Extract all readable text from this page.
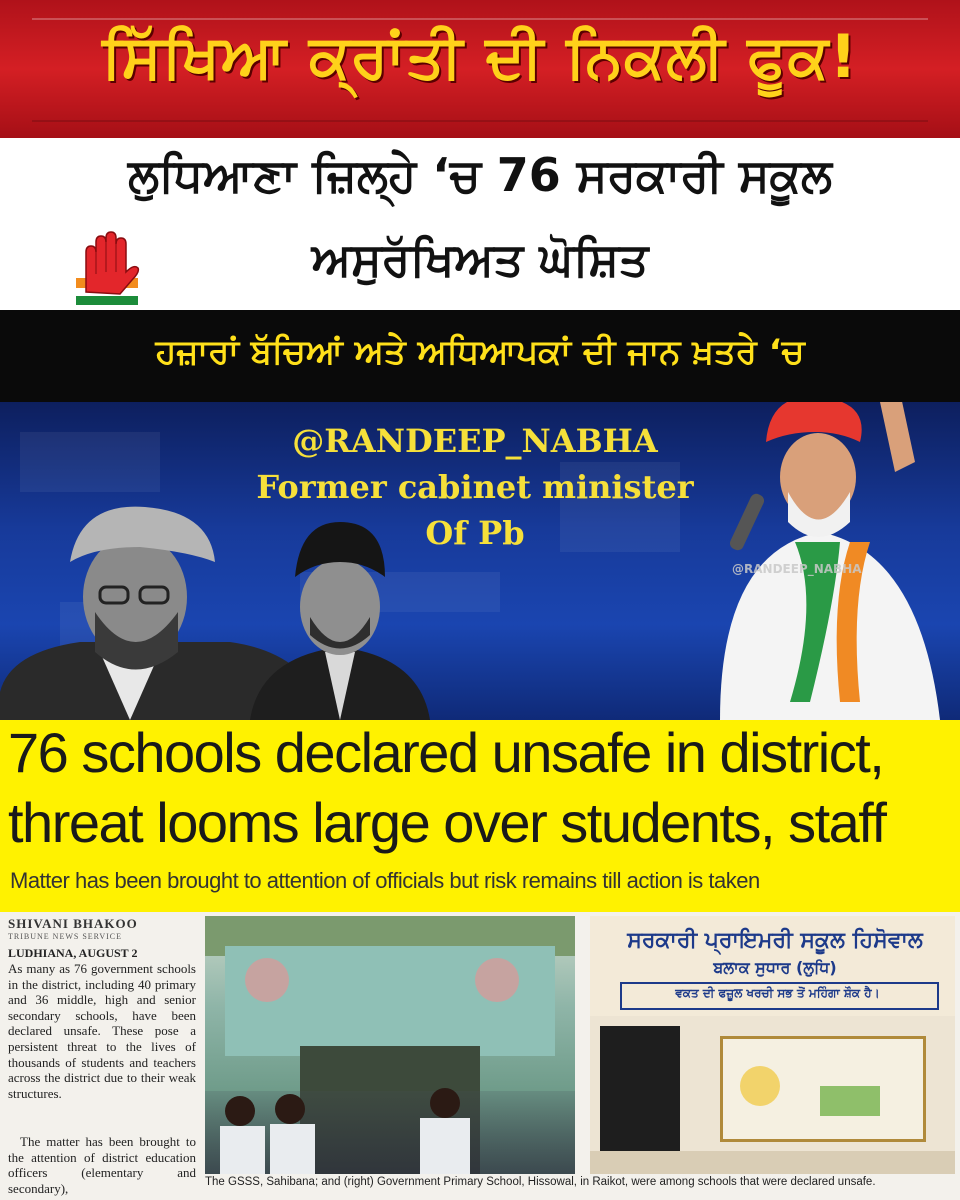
ਸਿੱਖਿਆ ਕ੍ਰਾਂਤੀ ਦੀ ਨਿਕਲੀ ਫੂਕ!
ਲੁਧਿਆਣਾ ਜ਼ਿਲ੍ਹੇ ‘ਚ 76 ਸਰਕਾਰੀ ਸਕੂਲ
ਅਸੁਰੱਖਿਅਤ ਘੋਸ਼ਿਤ
ਹਜ਼ਾਰਾਂ ਬੱਚਿਆਂ ਅਤੇ ਅਧਿਆਪਕਾਂ ਦੀ ਜਾਨ ਖ਼ਤਰੇ ‘ਚ
@RANDEEP_NABHA
Former cabinet minister
Of Pb
@RANDEEP_NABHA
76 schools declared unsafe in district,
threat looms large over students, staff
Matter has been brought to attention of officials but risk remains till action is taken
SHIVANI BHAKOO
TRIBUNE NEWS SERVICE
LUDHIANA, AUGUST 2
As many as 76 government schools in the district, including 40 primary and 36 middle, high and senior secondary schools, have been declared unsafe. These pose a persistent threat to the lives of thousands of students and teachers across the district due to their weak structures.
The matter has been brought to the attention of district education officers (elementary and secondary),
ਸਰਕਾਰੀ ਪ੍ਰਾਇਮਰੀ ਸਕੂਲ ਹਿਸੋਵਾਲ
ਬਲਾਕ ਸੁਧਾਰ (ਲੁਧਿ)
ਵਕਤ ਦੀ ਫਜ਼ੂਲ ਖਰਚੀ ਸਭ ਤੋਂ ਮਹਿੰਗਾ ਸ਼ੌਕ ਹੈ।
The GSSS, Sahibana; and (right) Government Primary School, Hissowal, in Raikot, were among schools that were declared unsafe.
